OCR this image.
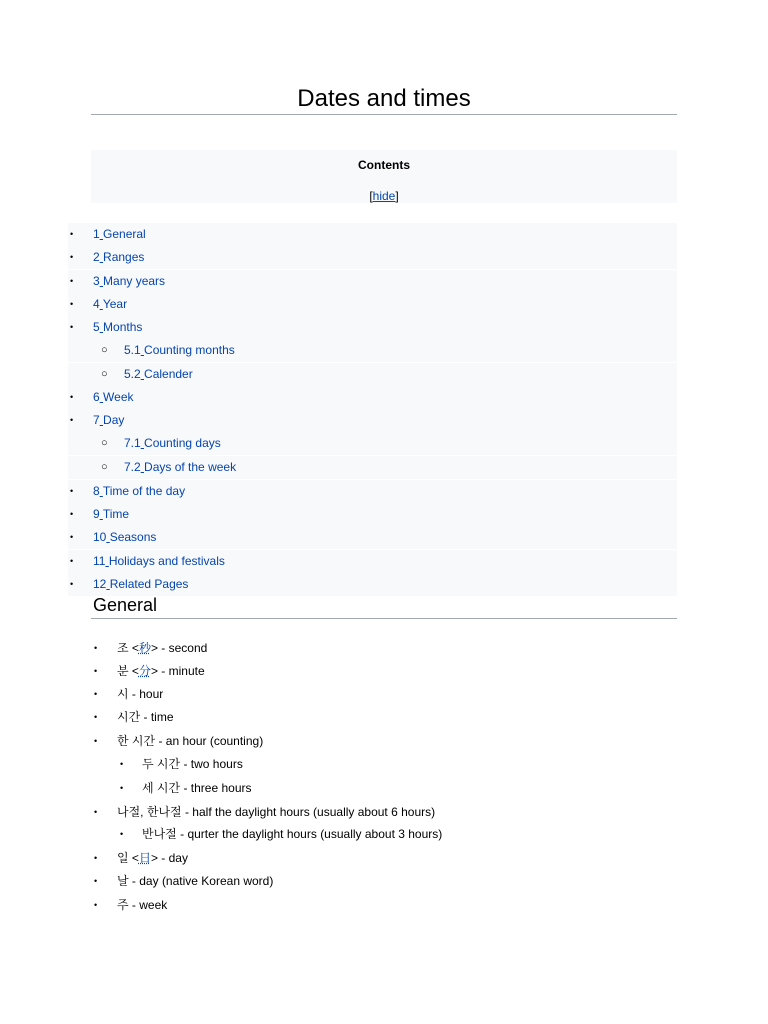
Dates and times
Contents
[hide]
• 1 General
• 2 Ranges
• 3 Many years
• 4 Year
• 5 Months
○ 5.1 Counting months
○ 5.2 Calender
• 6 Week
• 7 Day
○ 7.1 Counting days
○ 7.2 Days of the week
• 8 Time of the day
• 9 Time
• 10 Seasons
• 11 Holidays and festivals
• 12 Related Pages
General
• 조 <秒> - second
• 분 <分> - minute
• 시 - hour
• 시간 - time
• 한 시간 - an hour (counting)
• 두 시간 - two hours
• 세 시간 - three hours
• 나절, 한나절 - half the daylight hours (usually about 6 hours)
• 반나절 - qurter the daylight hours (usually about 3 hours)
• 일 <日> - day
• 날 - day (native Korean word)
• 주 - week
